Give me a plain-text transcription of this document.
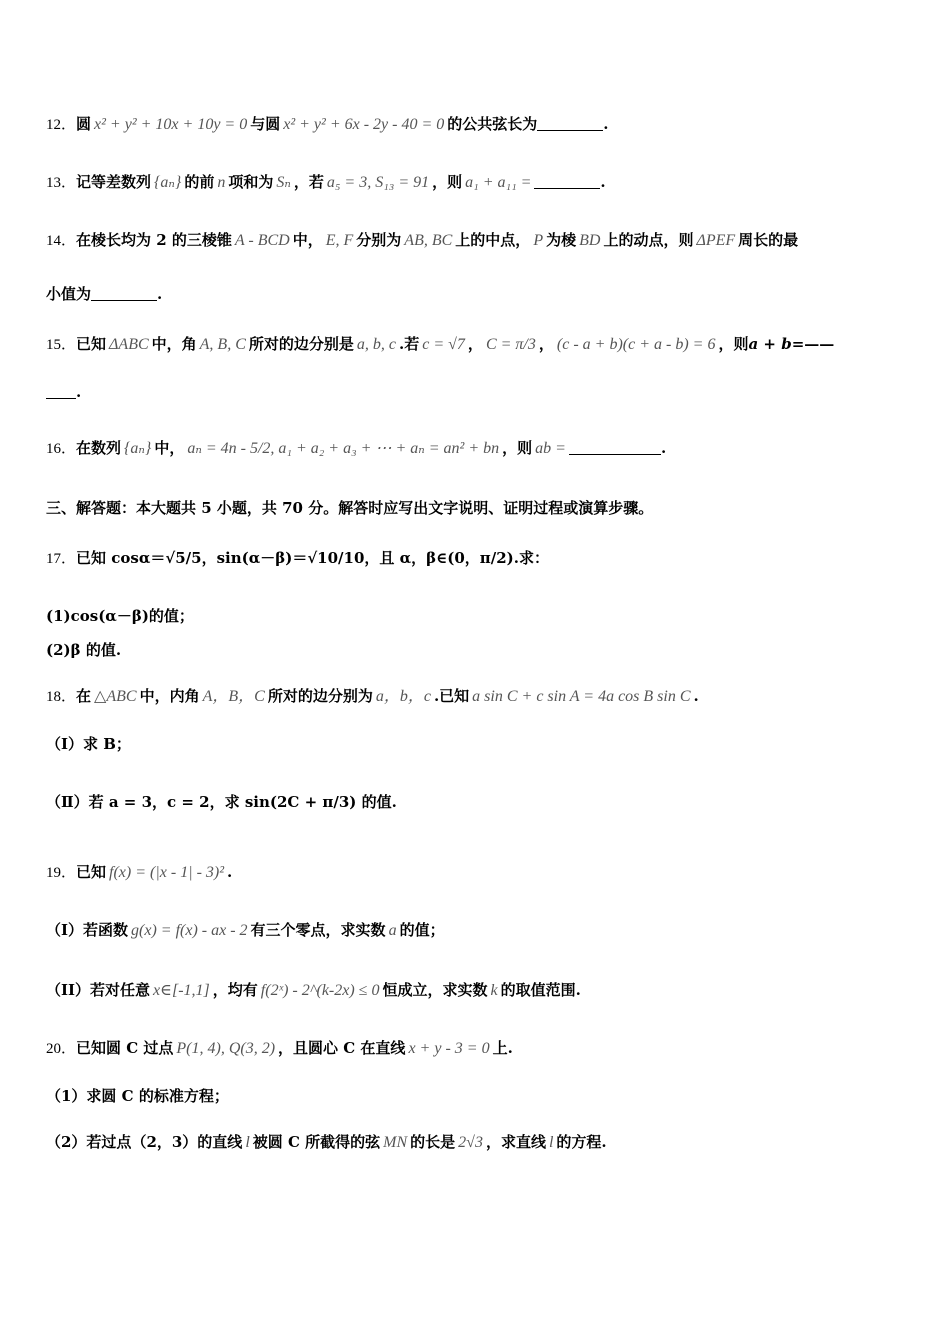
12．圆 x² + y² + 10x + 10y = 0 与圆 x² + y² + 6x - 2y - 40 = 0 的公共弦长为	.
13．记等差数列 {aₙ} 的前 n 项和为 Sₙ ，若 a₅ = 3, S₁₃ = 91 ，则 a₁ + a₁₁ =	.
14．在棱长均为 2 的三棱锥 A - BCD 中， E, F 分别为 AB, BC 上的中点， P 为棱 BD 上的动点，则 ΔPEF 周长的最
小值为	.
15．已知 ΔABC 中，角 A, B, C 所对的边分别是 a, b, c .若 c = √7 ， C = π/3 ， (c - a + b)(c + a - b) = 6 ，则a + b=——
.
16．在数列 {aₙ} 中， aₙ = 4n - 5/2, a₁ + a₂ + a₃ + ⋯ + aₙ = an² + bn ，则 ab =	.
三、解答题：本大题共 5 小题，共 70 分。解答时应写出文字说明、证明过程或演算步骤。
17．已知 cosα＝√5/5，sin(α－β)＝√10/10，且 α，β∈(0，π/2).求：
(1)cos(α－β)的值；
(2)β 的值.
18．在 △ABC 中，内角 A，B，C 所对的边分别为 a，b，c .已知 a sin C + c sin A = 4a cos B sin C .
（Ⅰ）求 B；
（Ⅱ）若 a = 3，c = 2，求 sin(2C + π/3) 的值.
19．已知 f(x) = (|x - 1| - 3)² .
（I）若函数 g(x) = f(x) - ax - 2 有三个零点，求实数 a 的值；
（II）若对任意 x∈[-1,1] ，均有 f(2ˣ) - 2^(k-2x) ≤ 0 恒成立，求实数 k 的取值范围.
20．已知圆 C 过点 P(1, 4), Q(3, 2) ，且圆心 C 在直线 x + y - 3 = 0 上.
（1）求圆 C 的标准方程；
（2）若过点（2，3）的直线 l 被圆 C 所截得的弦 MN 的长是 2√3 ，求直线 l 的方程.
